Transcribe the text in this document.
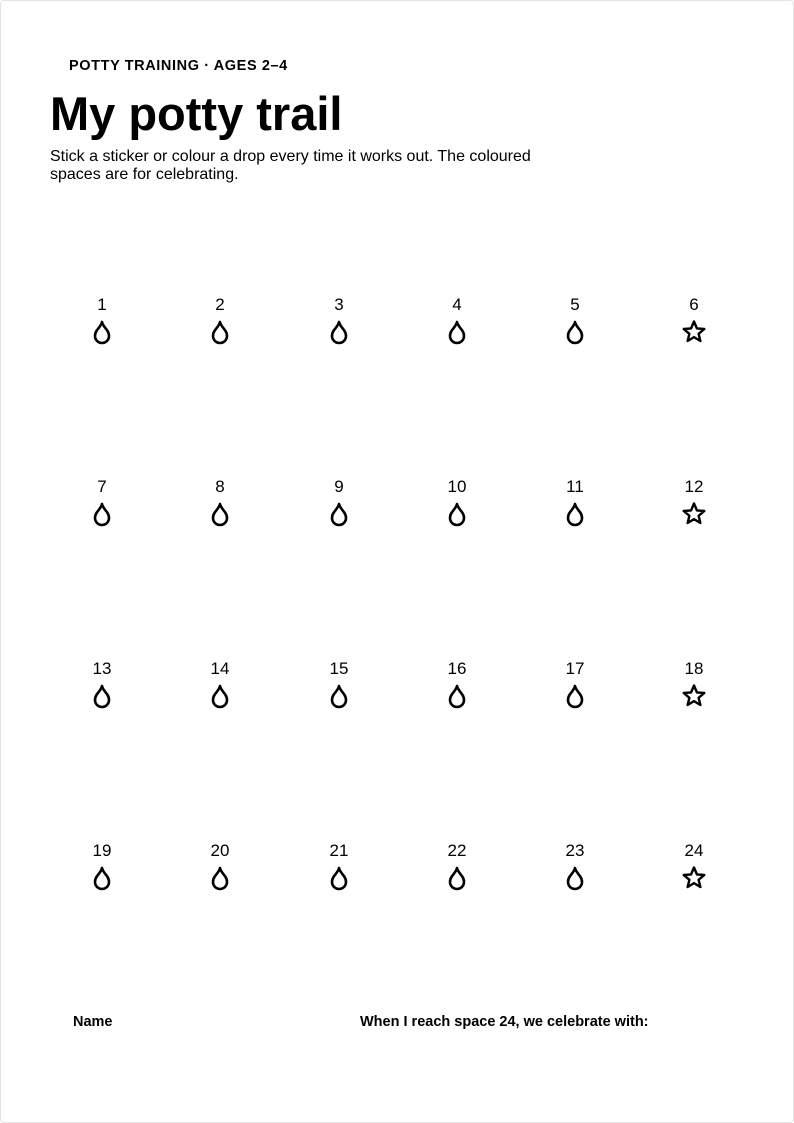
POTTY TRAINING · AGES 2–4
My potty trail

Stick a sticker or colour a drop every time it works out. The coloured spaces are for celebrating.

1	2	3	4	5	6
7	8	9	10	11	12
13	14	15	16	17	18
19	20	21	22	23	24
Name	When I reach space 24, we celebrate with:
